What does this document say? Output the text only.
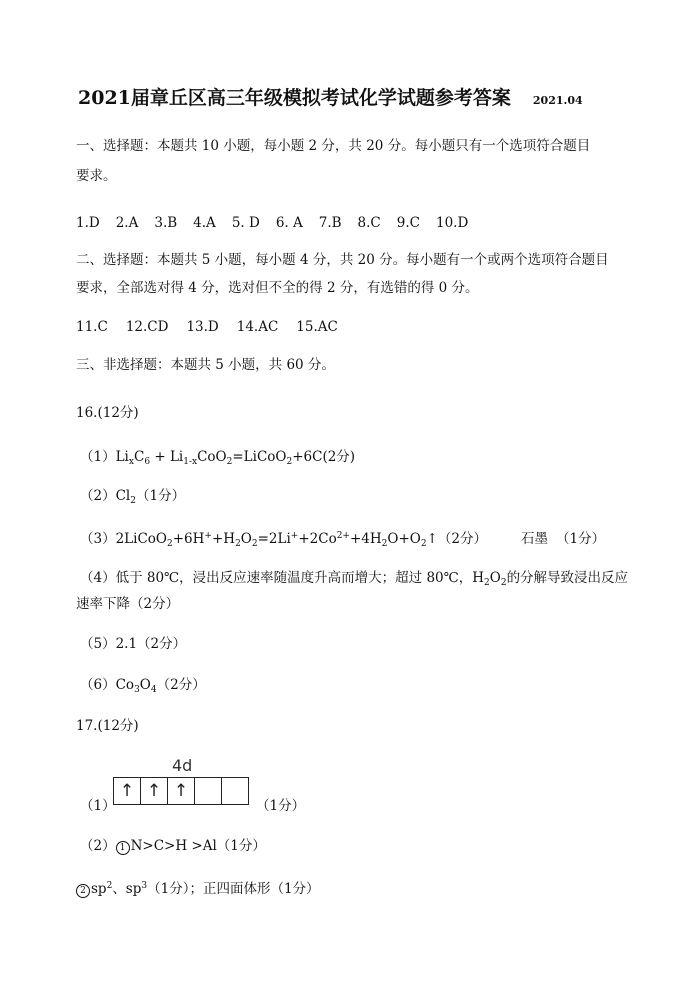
2021届章丘区高三年级模拟考试化学试题参考答案 2021.04
一、选择题：本题共 10 小题，每小题 2 分，共 20 分。每小题只有一个选项符合题目
要求。
1.D 2.A 3.B 4.A 5. D 6. A 7.B 8.C 9.C 10.D
二、选择题：本题共 5 小题，每小题 4 分，共 20 分。每小题有一个或两个选项符合题目
要求，全部选对得 4 分，选对但不全的得 2 分，有选错的得 0 分。
11.C 12.CD 13.D 14.AC 15.AC
三、非选择题：本题共 5 小题，共 60 分。
16.(12分)
$(1)Li_xC_6$ + $Li_{1-x}CoO_2=LiCoO_2+6C(2$分)
$(2)Cl_2(1$分）
$(3)2LiCoO_2+6H^++H_2O_2=2Li^++2Co^{2+}+4H_2O+O_2↑(2$分）	石墨 （1分）
（4）低于 80℃，浸出反应速率随温度升高而增大；超过 80℃，$H_2O_2$的分解导致浸出反应
速率下降（2分）
（5）2.1（2分）
$(6)Co_3O_4(2$分）
17.(12分)
4d
（1）
↑ ↑ ↑
（1分）
（2） 1 N>C>H >Al（1分）
2 $sp^2$、$sp^3(1$分）；正四面体形（1分）
